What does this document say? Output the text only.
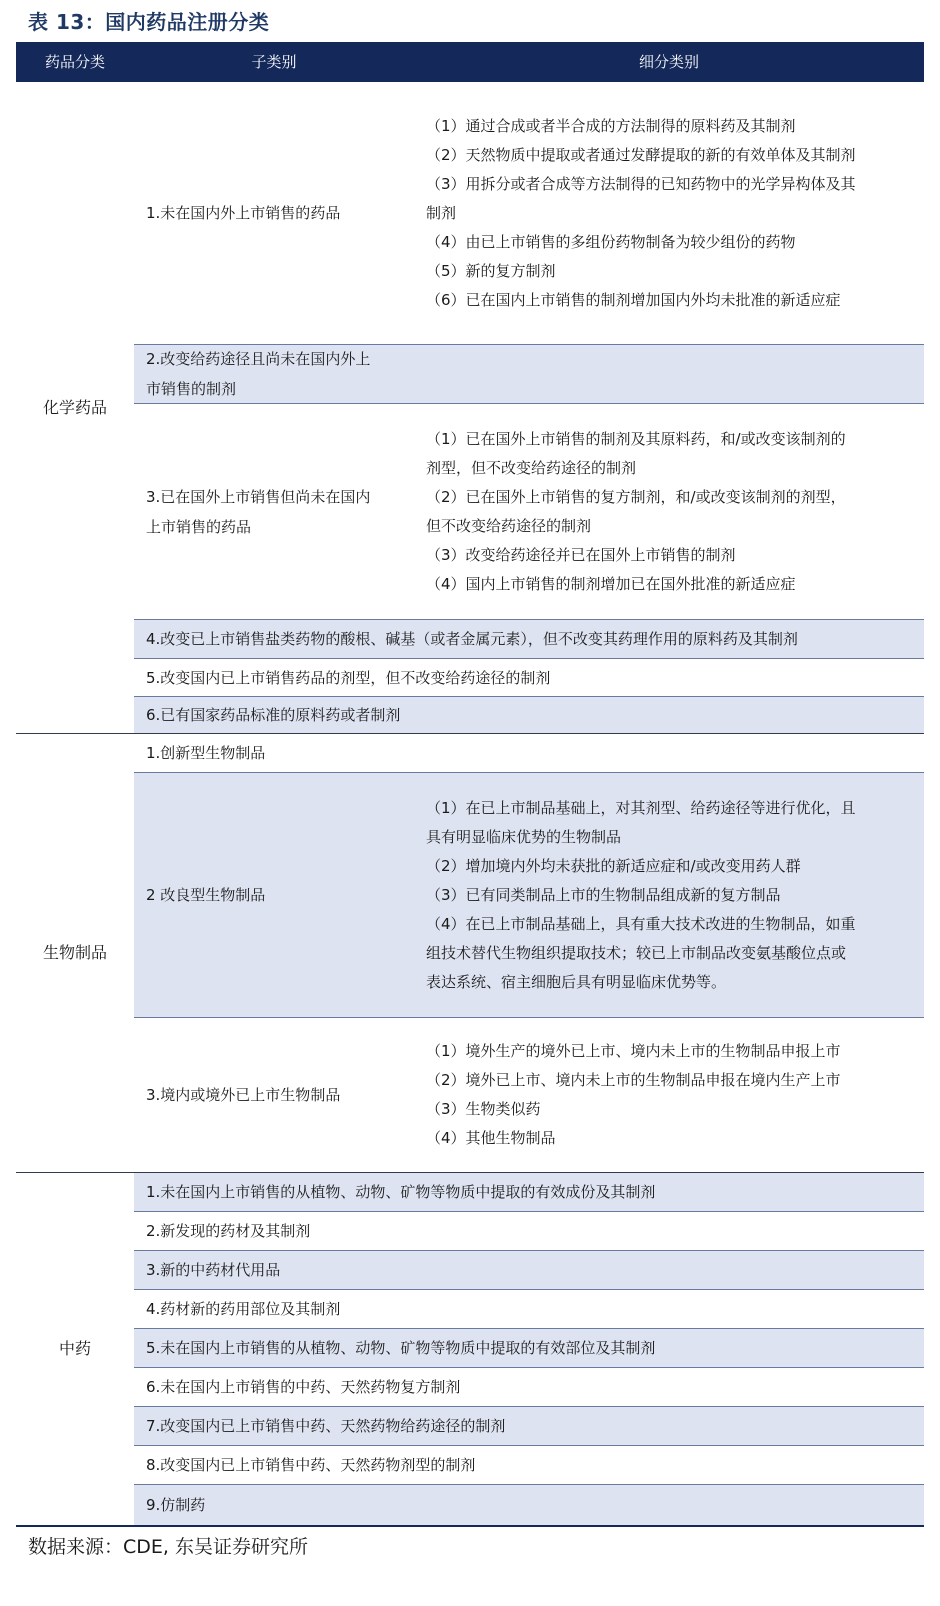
表 13：国内药品注册分类
药品分类	子类别	细分类别
化学药品
1.未在国内外上市销售的药品
（1）通过合成或者半合成的方法制得的原料药及其制剂
（2）天然物质中提取或者通过发酵提取的新的有效单体及其制剂
（3）用拆分或者合成等方法制得的已知药物中的光学异构体及其
制剂
（4）由已上市销售的多组份药物制备为较少组份的药物
（5）新的复方制剂
（6）已在国内上市销售的制剂增加国内外均未批准的新适应症
2.改变给药途径且尚未在国内外上
市销售的制剂
3.已在国外上市销售但尚未在国内
上市销售的药品
（1）已在国外上市销售的制剂及其原料药，和/或改变该制剂的
剂型，但不改变给药途径的制剂
（2）已在国外上市销售的复方制剂，和/或改变该制剂的剂型，
但不改变给药途径的制剂
（3）改变给药途径并已在国外上市销售的制剂
（4）国内上市销售的制剂增加已在国外批准的新适应症
4.改变已上市销售盐类药物的酸根、碱基（或者金属元素），但不改变其药理作用的原料药及其制剂
5.改变国内已上市销售药品的剂型，但不改变给药途径的制剂
6.已有国家药品标准的原料药或者制剂
生物制品
1.创新型生物制品
2 改良型生物制品
（1）在已上市制品基础上，对其剂型、给药途径等进行优化，且
具有明显临床优势的生物制品
（2）增加境内外均未获批的新适应症和/或改变用药人群
（3）已有同类制品上市的生物制品组成新的复方制品
（4）在已上市制品基础上，具有重大技术改进的生物制品，如重
组技术替代生物组织提取技术；较已上市制品改变氨基酸位点或
表达系统、宿主细胞后具有明显临床优势等。
3.境内或境外已上市生物制品
（1）境外生产的境外已上市、境内未上市的生物制品申报上市
（2）境外已上市、境内未上市的生物制品申报在境内生产上市
（3）生物类似药
（4）其他生物制品
中药
1.未在国内上市销售的从植物、动物、矿物等物质中提取的有效成份及其制剂
2.新发现的药材及其制剂
3.新的中药材代用品
4.药材新的药用部位及其制剂
5.未在国内上市销售的从植物、动物、矿物等物质中提取的有效部位及其制剂
6.未在国内上市销售的中药、天然药物复方制剂
7.改变国内已上市销售中药、天然药物给药途径的制剂
8.改变国内已上市销售中药、天然药物剂型的制剂
9.仿制药
数据来源：CDE, 东吴证券研究所
